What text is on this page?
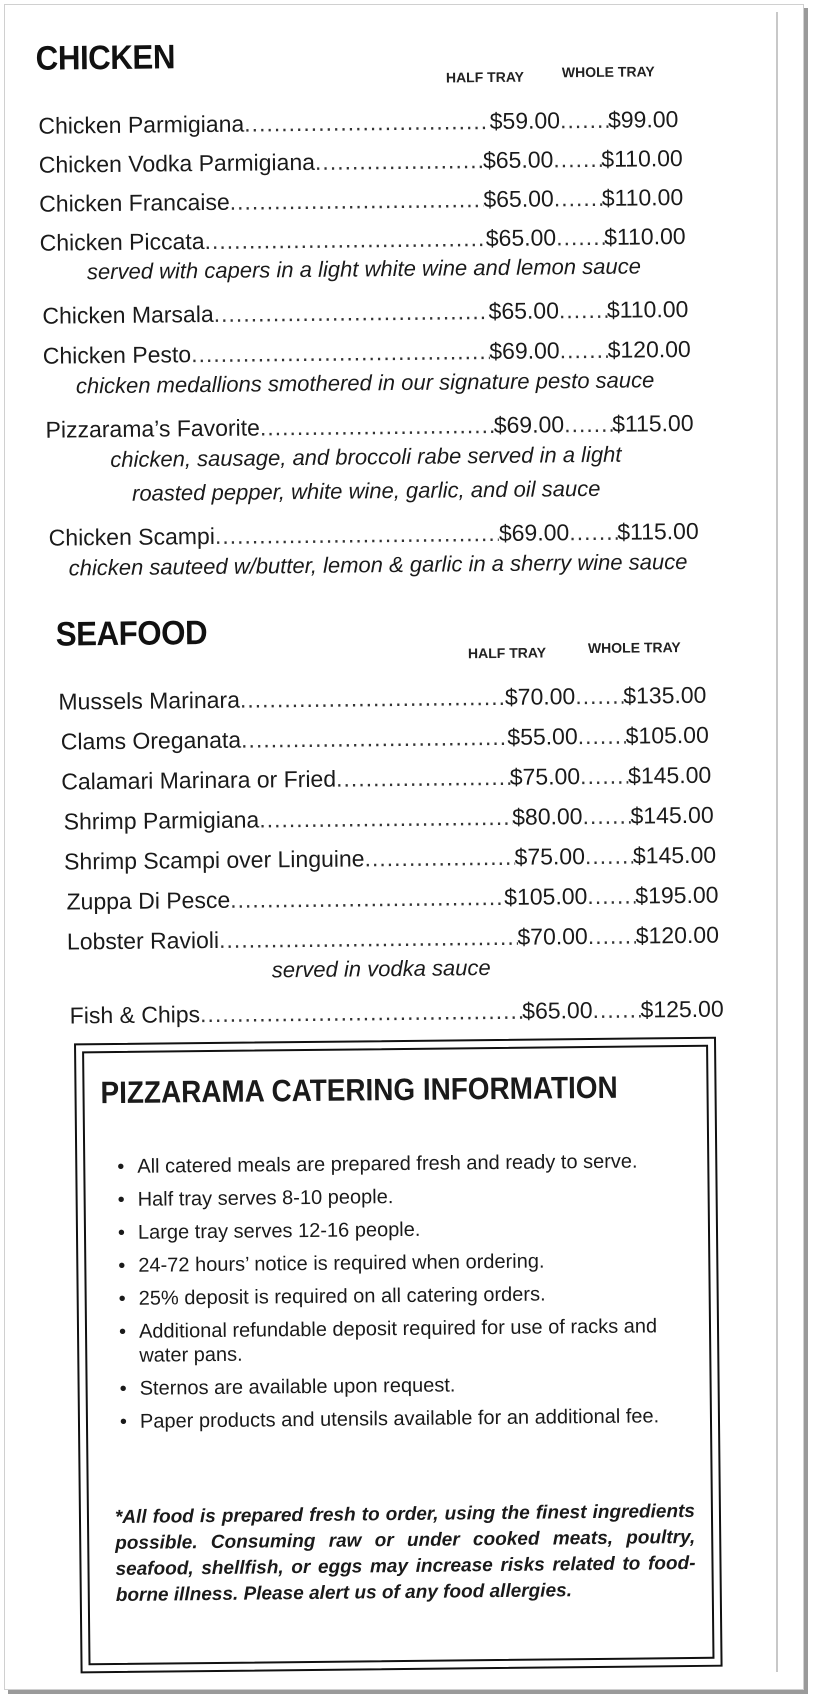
CHICKEN	HALF TRAY	WHOLE TRAY
Chicken Parmigiana .....	$59.00 ..... $99.00
Chicken Vodka Parmigiana .....	$65.00 ..... $110.00
Chicken Francaise .....	$65.00 ..... $110.00
Chicken Piccata .....	$65.00 ..... $110.00
served with capers in a light white wine and lemon sauce
Chicken Marsala .....	$65.00 ..... $110.00
Chicken Pesto .....	$69.00 ..... $120.00
chicken medallions smothered in our signature pesto sauce
Pizzarama’s Favorite .....	$69.00 ..... $115.00
chicken, sausage, and broccoli rabe served in a light
roasted pepper, white wine, garlic, and oil sauce
Chicken Scampi .....	$69.00 ..... $115.00
chicken sauteed w/butter, lemon & garlic in a sherry wine sauce
SEAFOOD	HALF TRAY	WHOLE TRAY
Mussels Marinara .....	$70.00 ..... $135.00
Clams Oreganata .....	$55.00 ..... $105.00
Calamari Marinara or Fried .....	$75.00 ..... $145.00
Shrimp Parmigiana .....	$80.00 ..... $145.00
Shrimp Scampi over Linguine .....	$75.00 ..... $145.00
Zuppa Di Pesce .....	$105.00 ..... $195.00
Lobster Ravioli .....	$70.00 ..... $120.00
served in vodka sauce
Fish & Chips .....	$65.00 ..... $125.00
PIZZARAMA CATERING INFORMATION
• All catered meals are prepared fresh and ready to serve.
• Half tray serves 8-10 people.
• Large tray serves 12-16 people.
• 24-72 hours’ notice is required when ordering.
• 25% deposit is required on all catering orders.
• Additional refundable deposit required for use of racks and water pans.
• Sternos are available upon request.
• Paper products and utensils available for an additional fee.
*All food is prepared fresh to order, using the finest ingredients possible. Consuming raw or under cooked meats, poultry, seafood, shellfish, or eggs may increase risks related to food-borne illness. Please alert us of any food allergies.
